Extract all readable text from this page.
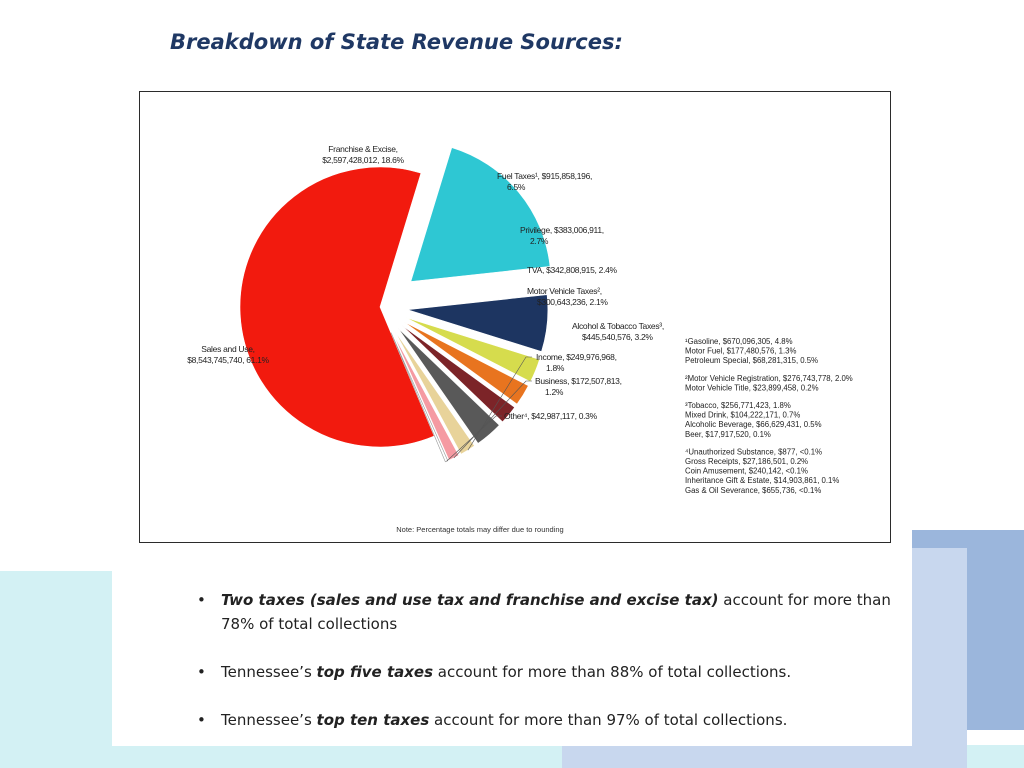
Breakdown of State Revenue Sources:
Sales and Use, $8,543,745,740, 61.1%
Franchise & Excise, $2,597,428,012, 18.6%
Fuel Taxes¹, $915,858,196, 6.5%
Privilege, $383,006,911, 2.7%
TVA, $342,808,915, 2.4%
Motor Vehicle Taxes², $300,643,236, 2.1%
Alcohol & Tobacco Taxes³, $445,540,576, 3.2%
Income, $249,976,968, 1.8%
Business, $172,507,813, 1.2%
Other⁴, $42,987,117, 0.3%
¹Gasoline, $670,096,305, 4.8%
Motor Fuel, $177,480,576, 1.3%
Petroleum Special, $68,281,315, 0.5%
²Motor Vehicle Registration, $276,743,778, 2.0%
Motor Vehicle Title, $23,899,458, 0.2%
³Tobacco, $256,771,423, 1.8%
Mixed Drink, $104,222,171, 0.7%
Alcoholic Beverage, $66,629,431, 0.5%
Beer, $17,917,520, 0.1%
⁴Unauthorized Substance, $877, <0.1%
Gross Receipts, $27,186,501, 0.2%
Coin Amusement, $240,142, <0.1%
Inheritance Gift & Estate, $14,903,861, 0.1%
Gas & Oil Severance, $655,736, <0.1%
Note: Percentage totals may differ due to rounding
• Two taxes (sales and use tax and franchise and excise tax) account for more than 78% of total collections
• Tennessee’s top five taxes account for more than 88% of total collections.
• Tennessee’s top ten taxes account for more than 97% of total collections.
